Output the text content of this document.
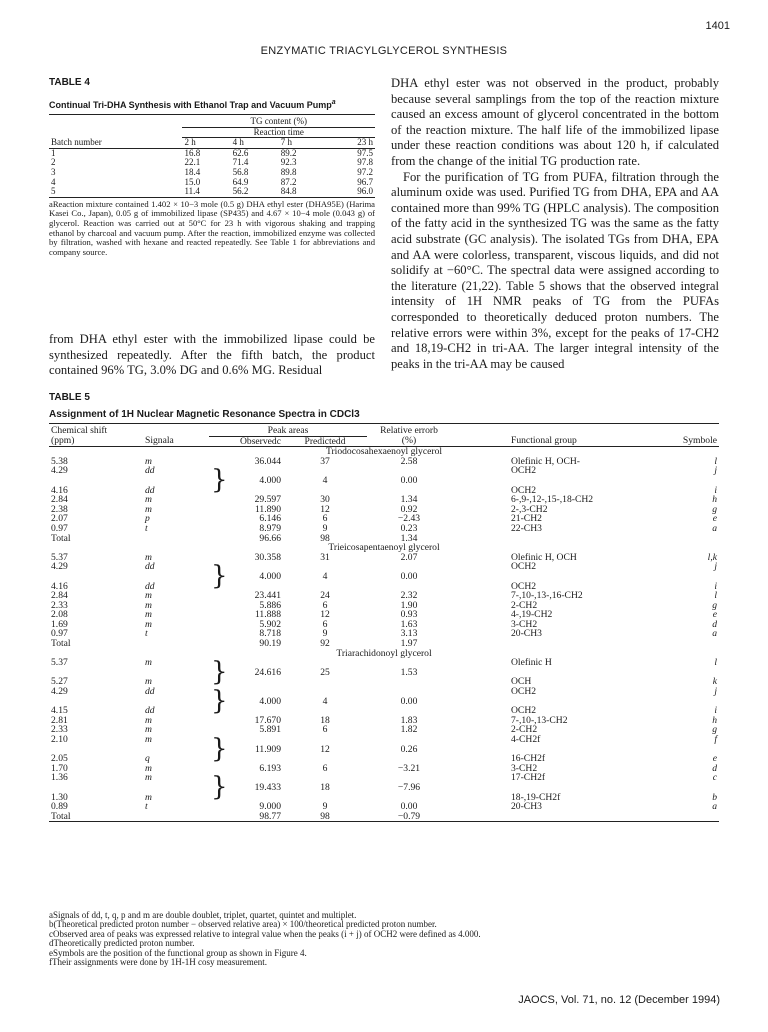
1401
ENZYMATIC TRIACYLGLYCEROL SYNTHESIS
TABLE 4
Continual Tri-DHA Synthesis with Ethanol Trap and Vacuum Pump$^a$

	TG content (%)			
	Reaction time			
Batch number	2 h	4 h	7 h	23 h
1	16.8	62.6	89.2	97.5
2	22.1	71.4	92.3	97.8
3	18.4	56.8	89.8	97.2
4	15.0	64.9	87.2	96.7
5	11.4	56.2	84.8	96.0
aReaction mixture contained 1.402 × 10−3 mole (0.5 g) DHA ethyl ester (DHA95E) (Harima Kasei Co., Japan), 0.05 g of immobilized lipase (SP435) and 4.67 × 10−4 mole (0.043 g) of glycerol. Reaction was carried out at 50°C for 23 h with vigorous shaking and trapping ethanol by charcoal and vacuum pump. After the reaction, immobilized enzyme was collected by filtration, washed with hexane and reacted repeatedly. See Table 1 for abbreviations and company source.
from DHA ethyl ester with the immobilized lipase could be synthesized repeatedly. After the fifth batch, the product contained 96% TG, 3.0% DG and 0.6% MG. Residual

DHA ethyl ester was not observed in the product, probably because several samplings from the top of the reaction mixture caused an excess amount of glycerol concentrated in the bottom of the reaction mixture. The half life of the immobilized lipase under these reaction conditions was about 120 h, if calculated from the change of the initial TG production rate.

For the purification of TG from PUFA, filtration through the aluminum oxide was used. Purified TG from DHA, EPA and AA contained more than 99% TG (HPLC analysis). The composition of the fatty acid in the synthesized TG was the same as the fatty acid substrate (GC analysis). The isolated TGs from DHA, EPA and AA were colorless, transparent, viscous liquids, and did not solidify at −60°C. The spectral data were assigned according to the literature (21,22). Table 5 shows that the observed integral intensity of 1H NMR peaks of TG from the PUFAs corresponded to theoretically deduced proton numbers. The relative errors were within 3%, except for the peaks of 17-CH2 and 18,19-CH2 in tri-AA. The larger integral intensity of the peaks in the tri-AA may be caused

TABLE 5
Assignment of 1H Nuclear Magnetic Resonance Spectra in CDCl3

Chemical shift		Peak areas		Relative errorb		
(ppm)	Signala	Observedc	Predictedd	(%)	Functional group	Symbole
Triodocosahexaenoyl glycerol						
5.38	m	36.044	37	2.58	Olefinic H, OCH-	l
4.29	dd				OCH2	j

		} 4.000	4	0.00		
4.16	dd				OCH2	i
2.84	m	29.597	30	1.34	6-,9-,12-,15-,18-CH2	h
2.38	m	11.890	12	0.92	2-,3-CH2	g
2.07	p	6.146	6	−2.43	21-CH2	e
0.97	t	8.979	9	0.23	22-CH3	a
Total		96.66	98	1.34		
Trieicosapentaenoyl glycerol						
5.37	m	30.358	31	2.07	Olefinic H, OCH	l,k
4.29	dd				OCH2	j

		} 4.000	4	0.00		
4.16	dd				OCH2	i
2.84	m	23.441	24	2.32	7-,10-,13-,16-CH2	l
2.33	m	5.886	6	1.90	2-CH2	g
2.08	m	11.888	12	0.93	4-,19-CH2	e
1.69	m	5.902	6	1.63	3-CH2	d
0.97	t	8.718	9	3.13	20-CH3	a
Total		90.19	92	1.97		
Triarachidonoyl glycerol						
5.37	m				Olefinic H	l

		} 24.616	25	1.53		
5.27	m				OCH	k
4.29	dd				OCH2	j

		} 4.000	4	0.00		
4.15	dd				OCH2	i
2.81	m	17.670	18	1.83	7-,10-,13-CH2	h
2.33	m	5.891	6	1.82	2-CH2	g
2.10	m				4-CH2f	f

		} 11.909	12	0.26		
2.05	q				16-CH2f	e
1.70	m	6.193	6	−3.21	3-CH2	d
1.36	m				17-CH2f	c

		} 19.433	18	−7.96		
1.30	m				18-,19-CH2f	b
0.89	t	9.000	9	0.00	20-CH3	a
Total		98.77	98	−0.79		
aSignals of dd, t, q, p and m are double doublet, triplet, quartet, quintet and multiplet.
b(Theoretical predicted proton number − observed relative area) × 100/theoretical predicted proton number.
cObserved area of peaks was expressed relative to integral value when the peaks (i + j) of OCH2 were defined as 4.000.
dTheoretically predicted proton number.
eSymbols are the position of the functional group as shown in Figure 4.
fTheir assignments were done by 1H-1H cosy measurement.
JAOCS, Vol. 71, no. 12 (December 1994)
